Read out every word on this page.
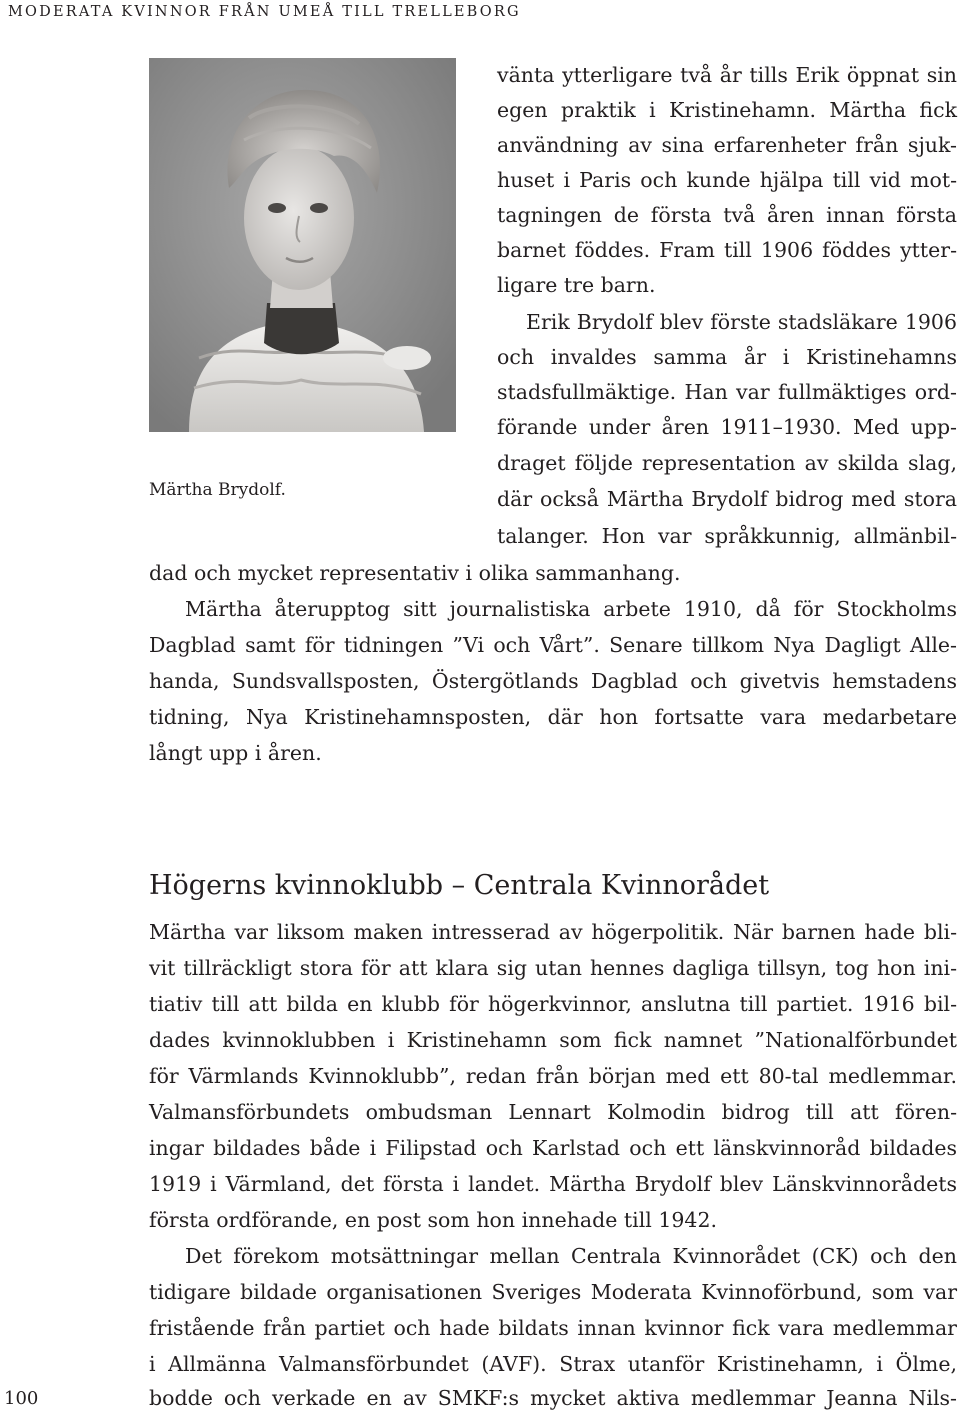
MODERATA KVINNOR FRÅN UMEÅ TILL TRELLEBORG
Märtha Brydolf.
vänta ytterligare två år tills Erik öppnat sin
egen praktik i Kristinehamn. Märtha fick
användning av sina erfarenheter från sjuk-
huset i Paris och kunde hjälpa till vid mot-
tagningen de första två åren innan första
barnet föddes. Fram till 1906 föddes ytter-
ligare tre barn.
Erik Brydolf blev förste stadsläkare 1906
och invaldes samma år i Kristinehamns
stadsfullmäktige. Han var fullmäktiges ord-
förande under åren 1911–1930. Med upp-
draget följde representation av skilda slag,
där också Märtha Brydolf bidrog med stora
talanger. Hon var språkkunnig, allmänbil-
dad och mycket representativ i olika sammanhang.
Märtha återupptog sitt journalistiska arbete 1910, då för Stockholms
Dagblad samt för tidningen ”Vi och Vårt”. Senare tillkom Nya Dagligt Alle-
handa, Sundsvallsposten, Östergötlands Dagblad och givetvis hemstadens
tidning, Nya Kristinehamnsposten, där hon fortsatte vara medarbetare
långt upp i åren.
Högerns kvinnoklubb – Centrala Kvinnorådet
Märtha var liksom maken intresserad av högerpolitik. När barnen hade bli-
vit tillräckligt stora för att klara sig utan hennes dagliga tillsyn, tog hon ini-
tiativ till att bilda en klubb för högerkvinnor, anslutna till partiet. 1916 bil-
dades kvinnoklubben i Kristinehamn som fick namnet ”Nationalförbundet
för Värmlands Kvinnoklubb”, redan från början med ett 80-tal medlemmar.
Valmansförbundets ombudsman Lennart Kolmodin bidrog till att fören-
ingar bildades både i Filipstad och Karlstad och ett länskvinnoråd bildades
1919 i Värmland, det första i landet. Märtha Brydolf blev Länskvinnorådets
första ordförande, en post som hon innehade till 1942.
Det förekom motsättningar mellan Centrala Kvinnorådet (CK) och den
tidigare bildade organisationen Sveriges Moderata Kvinnoförbund, som var
fristående från partiet och hade bildats innan kvinnor fick vara medlemmar
i Allmänna Valmansförbundet (AVF). Strax utanför Kristinehamn, i Ölme,
bodde och verkade en av SMKF:s mycket aktiva medlemmar Jeanna Nils-
100
